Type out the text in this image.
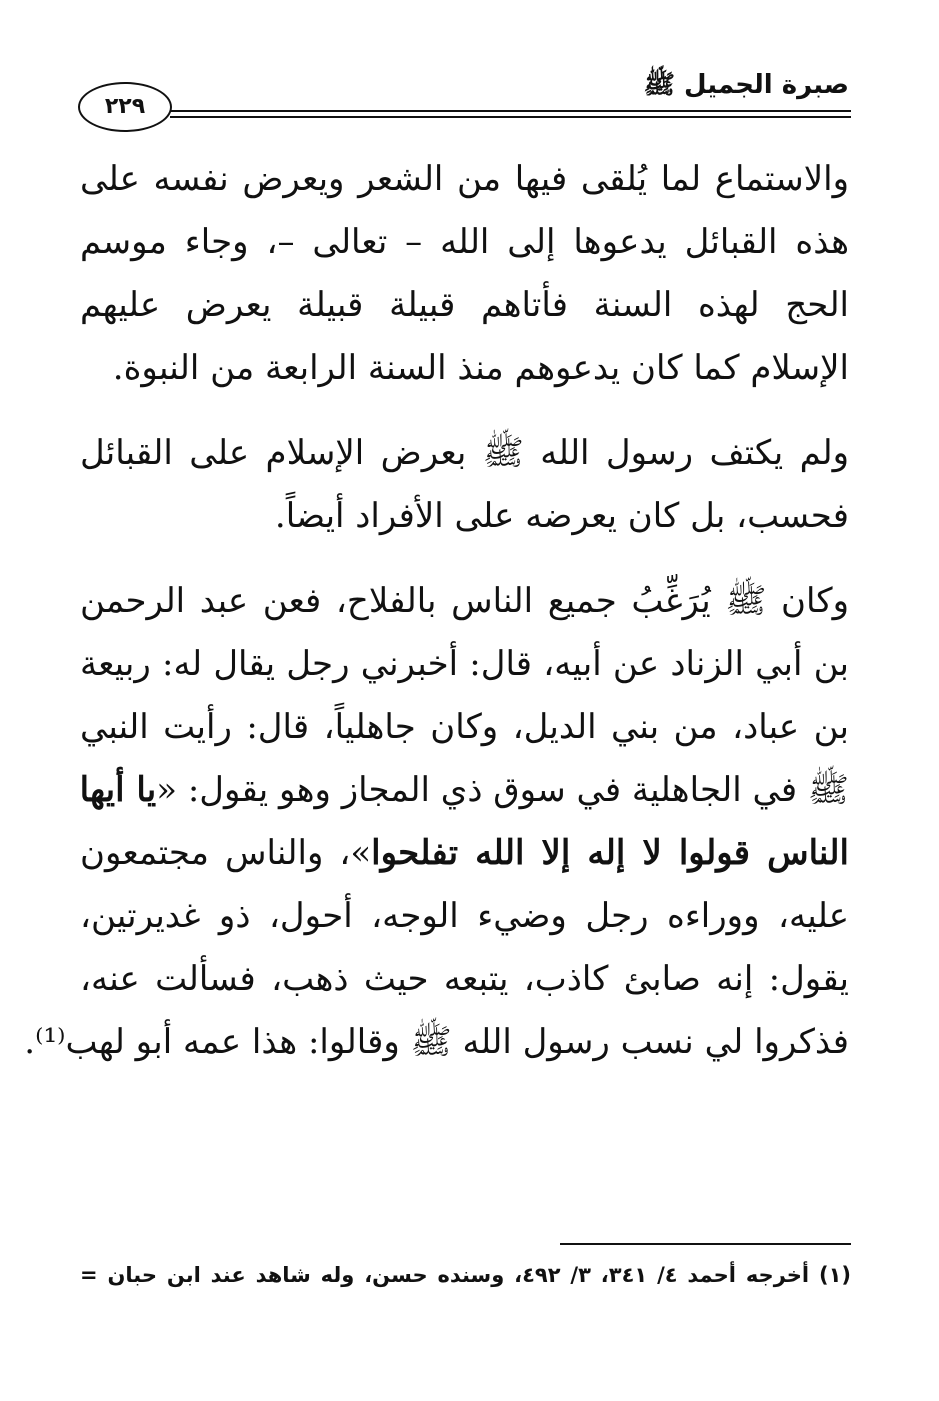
صبرة الجميل ﷺ
٢٢٩

والاستماع لما يُلقى فيها من الشعر ويعرض نفسه على
هذه القبائل يدعوها إلى الله – تعالى –، وجاء موسم
الحج لهذه السنة فأتاهم قبيلة قبيلة يعرض عليهم
الإسلام كما كان يدعوهم منذ السنة الرابعة من النبوة.

ولم يكتف رسول الله ﷺ بعرض الإسلام على القبائل
فحسب، بل كان يعرضه على الأفراد أيضاً.

وكان ﷺ يُرَغِّبُ جميع الناس بالفلاح، فعن عبد الرحمن
بن أبي الزناد عن أبيه، قال: أخبرني رجل يقال له: ربيعة
بن عباد، من بني الديل، وكان جاهلياً، قال: رأيت النبي
ﷺ في الجاهلية في سوق ذي المجاز وهو يقول: «يا أيها
الناس قولوا لا إله إلا الله تفلحوا»، والناس مجتمعون
عليه، ووراءه رجل وضيء الوجه، أحول، ذو غديرتين،
يقول: إنه صابئ كاذب، يتبعه حيث ذهب، فسألت عنه،
فذكروا لي نسب رسول الله ﷺ وقالوا: هذا عمه أبو لهب⁽¹⁾.

(١) أخرجه أحمد ٤/ ٣٤١، ٣/ ٤٩٢، وسنده حسن، وله شاهد عند ابن حبان =
